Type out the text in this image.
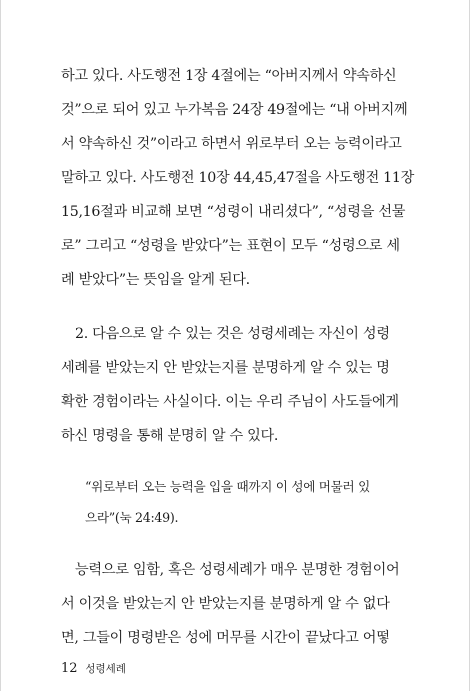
하고 있다. 사도행전 1장 4절에는 “아버지께서 약속하신
것”으로 되어 있고 누가복음 24장 49절에는 “내 아버지께
서 약속하신 것”이라고 하면서 위로부터 오는 능력이라고
말하고 있다. 사도행전 10장 44,45,47절을 사도행전 11장
15,16절과 비교해 보면 “성령이 내리셨다”, “성령을 선물
로” 그리고 “성령을 받았다”는 표현이 모두 “성령으로 세
례 받았다”는 뜻임을 알게 된다.
2. 다음으로 알 수 있는 것은 성령세례는 자신이 성령
세례를 받았는지 안 받았는지를 분명하게 알 수 있는 명
확한 경험이라는 사실이다. 이는 우리 주님이 사도들에게
하신 명령을 통해 분명히 알 수 있다.
“위로부터 오는 능력을 입을 때까지 이 성에 머물러 있
으라”(눅 24:49).
능력으로 임함, 혹은 성령세례가 매우 분명한 경험이어
서 이것을 받았는지 안 받았는지를 분명하게 알 수 없다
면, 그들이 명령받은 성에 머무를 시간이 끝났다고 어떻
12 성령세례
